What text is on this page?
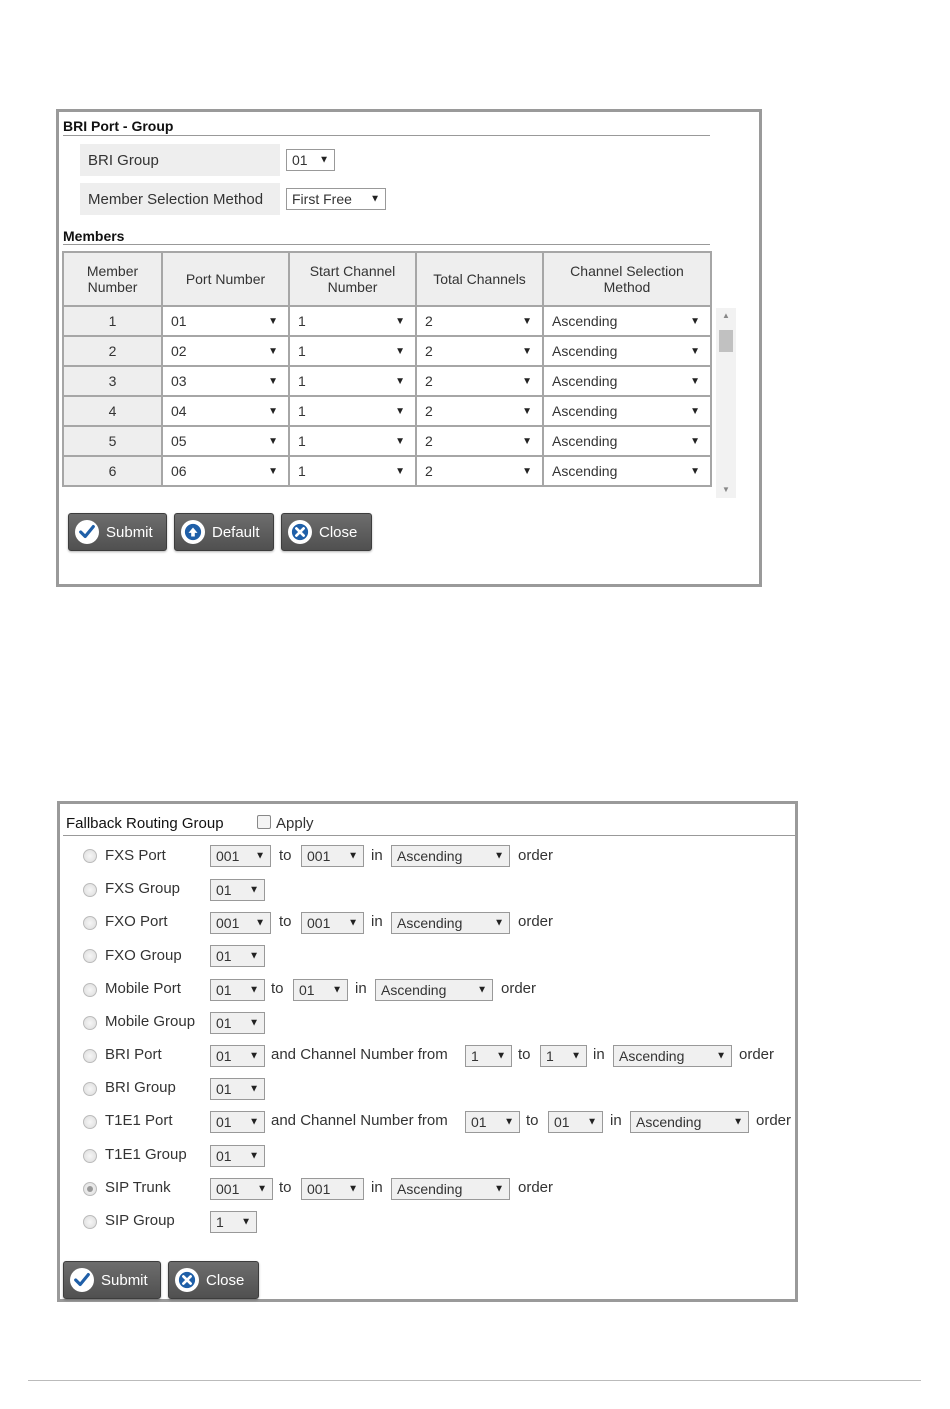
BRI Port - Group
BRI Group	01 ▼
Member Selection Method	First Free ▼
Members
Member Number	Port Number	Start Channel Number	Total Channels	Channel Selection Method
1	01 ▼	1 ▼	2 ▼	Ascending ▼

2	02 ▼	1 ▼	2 ▼	Ascending ▼

3	03 ▼	1 ▼	2 ▼	Ascending ▼

4	04 ▼	1 ▼	2 ▼	Ascending ▼

5	05 ▼	1 ▼	2 ▼	Ascending ▼

6	06 ▼	1 ▼	2 ▼	Ascending ▼
▲
▼
Submit	Default	Close
Fallback Routing Group	Apply
FXS Port	001 ▼ to 001 ▼ in Ascending	▼ order
FXS Group	01 ▼
FXO Port	001 ▼ to 001 ▼ in Ascending	▼ order
FXO Group 01 ▼
Mobile Port	01 ▼ to 01 ▼ in Ascending	▼ order
Mobile Group 01 ▼
BRI Port	01 ▼ and Channel Number from 1 ▼ to 1 ▼ in Ascending	▼ order
BRI Group	01 ▼
T1E1 Port	01 ▼ and Channel Number from 01 ▼ to 01 ▼ in Ascending	▼ order
T1E1 Group 01 ▼
SIP Trunk	001 ▼ to 001 ▼ in Ascending	▼ order
SIP Group	1 ▼
Submit	Close
